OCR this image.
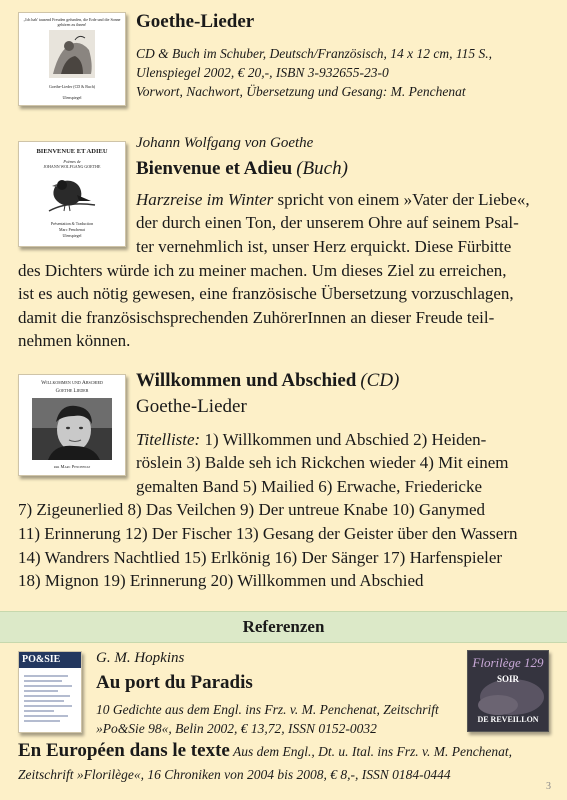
„Ich hab' tausend Freuden gefunden, die Erde und die Sonne
gehören zu ihnen!
Goethe-Lieder (CD & Buch)
Ulenspiegel
Goethe-Lieder
CD & Buch im Schuber, Deutsch/Französisch, 14 x 12 cm, 115 S.,
Ulenspiegel 2002, € 20,-, ISBN 3-932655-23-0
Vorwort, Nachwort, Übersetzung und Gesang: M. Penchenat
BIENVENUE ET ADIEU
Poèmes de
JOHANN WOLFGANG GOETHE
Présentation & Traduction
Marc Penchenat
Ulenspiegel
Johann Wolfgang von Goethe
Bienvenue et Adieu (Buch)
Harzreise im Winter spricht von einem »Vater der Liebe«,
der durch einen Ton, der unserem Ohre auf seinem Psal-
ter vernehmlich ist, unser Herz erquickt. Diese Fürbitte
des Dichters würde ich zu meiner machen. Um dieses Ziel zu erreichen,
ist es auch nötig gewesen, eine französische Übersetzung vorzuschlagen,
damit die französischsprechenden ZuhörerInnen an dieser Freude teil-
nehmen können.
Willkommen und Abschied
Goethe Lieder
par Marc Penchenat
Willkommen und Abschied (CD)
Goethe-Lieder
Titelliste: 1) Willkommen und Abschied 2) Heiden-
röslein 3) Balde seh ich Rickchen wieder 4) Mit einem
gemalten Band 5) Mailied 6) Erwache, Friedericke
7) Zigeunerlied 8) Das Veilchen 9) Der untreue Knabe 10) Ganymed
11) Erinnerung 12) Der Fischer 13) Gesang der Geister über den Wassern
14) Wandrers Nachtlied 15) Erlkönig 16) Der Sänger 17) Harfenspieler
18) Mignon 19) Erinnerung 20) Willkommen und Abschied
Referenzen
PO&SIE G. M. Hopkins
Au port du Paradis
10 Gedichte aus dem Engl. ins Frz. v. M. Penchenat, Zeitschrift
»Po&Sie 98«, Belin 2002, € 13,72, ISSN 0152-0032
Florilège 129
SOIR
DE REVEILLON
En Européen dans le texte Aus dem Engl., Dt. u. Ital. ins Frz. v. M. Penchenat,
Zeitschrift »Florilège«, 16 Chroniken von 2004 bis 2008, € 8,-, ISSN 0184-0444
3
